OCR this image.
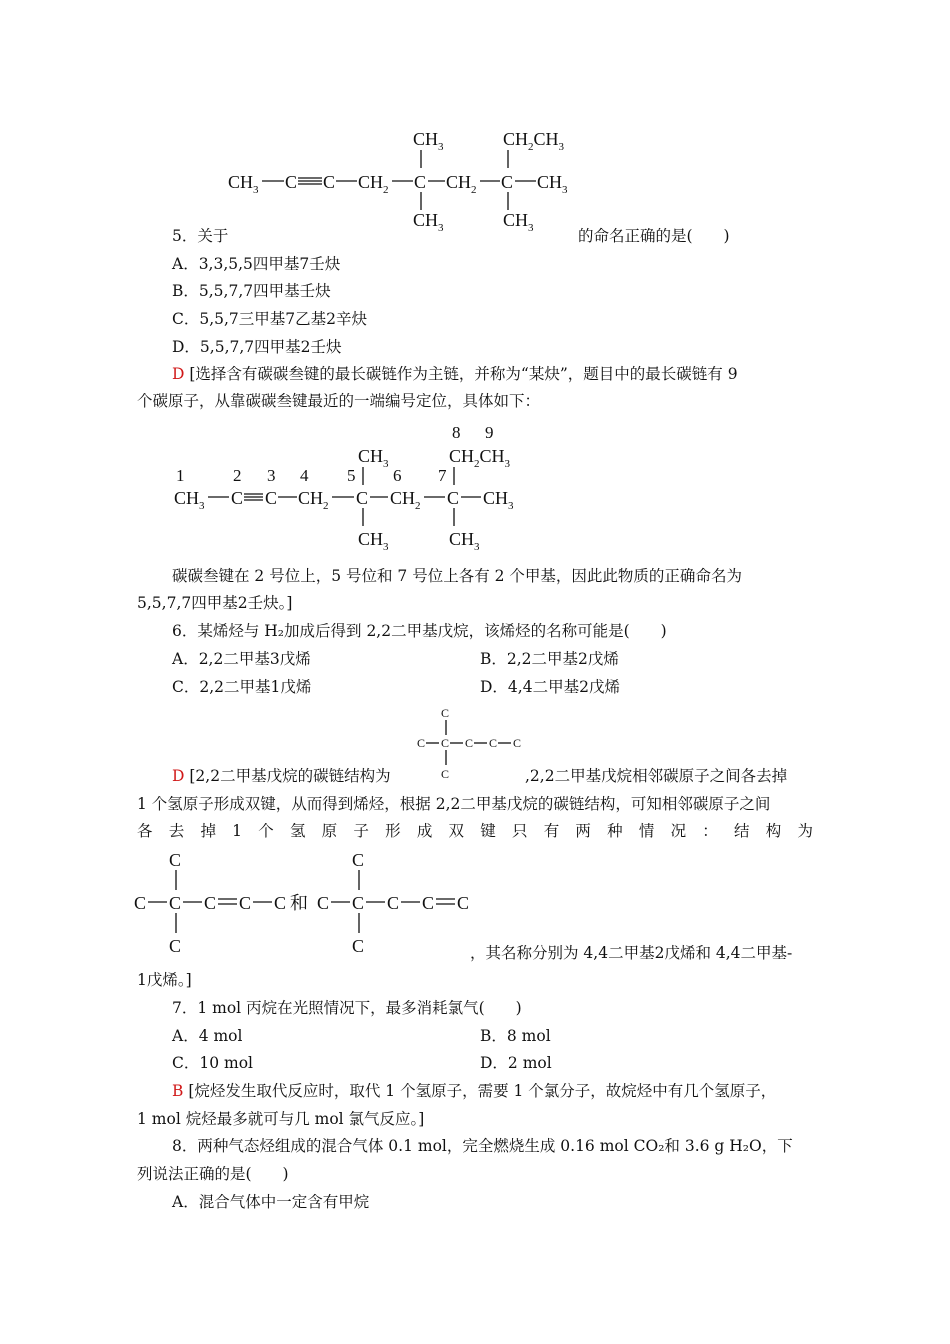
$CH_3$ C C $CH_2$ C $CH_2$ C $CH_3$
$CH_3$
$CH_3$
$CH_2CH_3$
$CH_3$
5．关于	的命名正确的是(　　)
A．3,3,5,5四甲基7壬炔
B．5,5,7,7四甲基壬炔
C．5,5,7三甲基7乙基2辛炔
D．5,5,7,7四甲基2壬炔
D [选择含有碳碳叁键的最长碳链作为主链，并称为“某炔”，题目中的最长碳链有 9
个碳原子，从靠碳碳叁键最近的一端编号定位，具体如下：
1	2 3 4 5 6 7
8 9
$CH_3$ C C $CH_2$ C $CH_2$ C $CH_3$
$CH_3$
$CH_3$
$CH_2CH_3$
$CH_3$
碳碳叁键在 2 号位上，5 号位和 7 号位上各有 2 个甲基，因此此物质的正确命名为
5,5,7,7四甲基2壬炔。]
6．某烯烃与 H₂加成后得到 2,2二甲基戊烷，该烯烃的名称可能是(　　)
A．2,2二甲基3戊烯	B．2,2二甲基2戊烯
C．2,2二甲基1戊烯	D．4,4二甲基2戊烯
C
C C C C C
C
D [2,2二甲基戊烷的碳链结构为	,2,2二甲基戊烷相邻碳原子之间各去掉
1 个氢原子形成双键，从而得到烯烃，根据 2,2二甲基戊烷的碳链结构，可知相邻碳原子之间
各 去 掉 1 个 氢 原 子 形 成 双 键 只 有 两 种 情 况 ： 结 构 为
C
C C C C C
C
和
C
C C C C C
C	，其名称分别为 4,4二甲基2戊烯和 4,4二甲基-
1戊烯。]
7．1 mol 丙烷在光照情况下，最多消耗氯气(　　)
A．4 mol	B．8 mol
C．10 mol	D．2 mol
B [烷烃发生取代反应时，取代 1 个氢原子，需要 1 个氯分子，故烷烃中有几个氢原子，
1 mol 烷烃最多就可与几 mol 氯气反应。]
8．两种气态烃组成的混合气体 0.1 mol，完全燃烧生成 0.16 mol CO₂和 3.6 g H₂O，下
列说法正确的是(　　)
A．混合气体中一定含有甲烷
